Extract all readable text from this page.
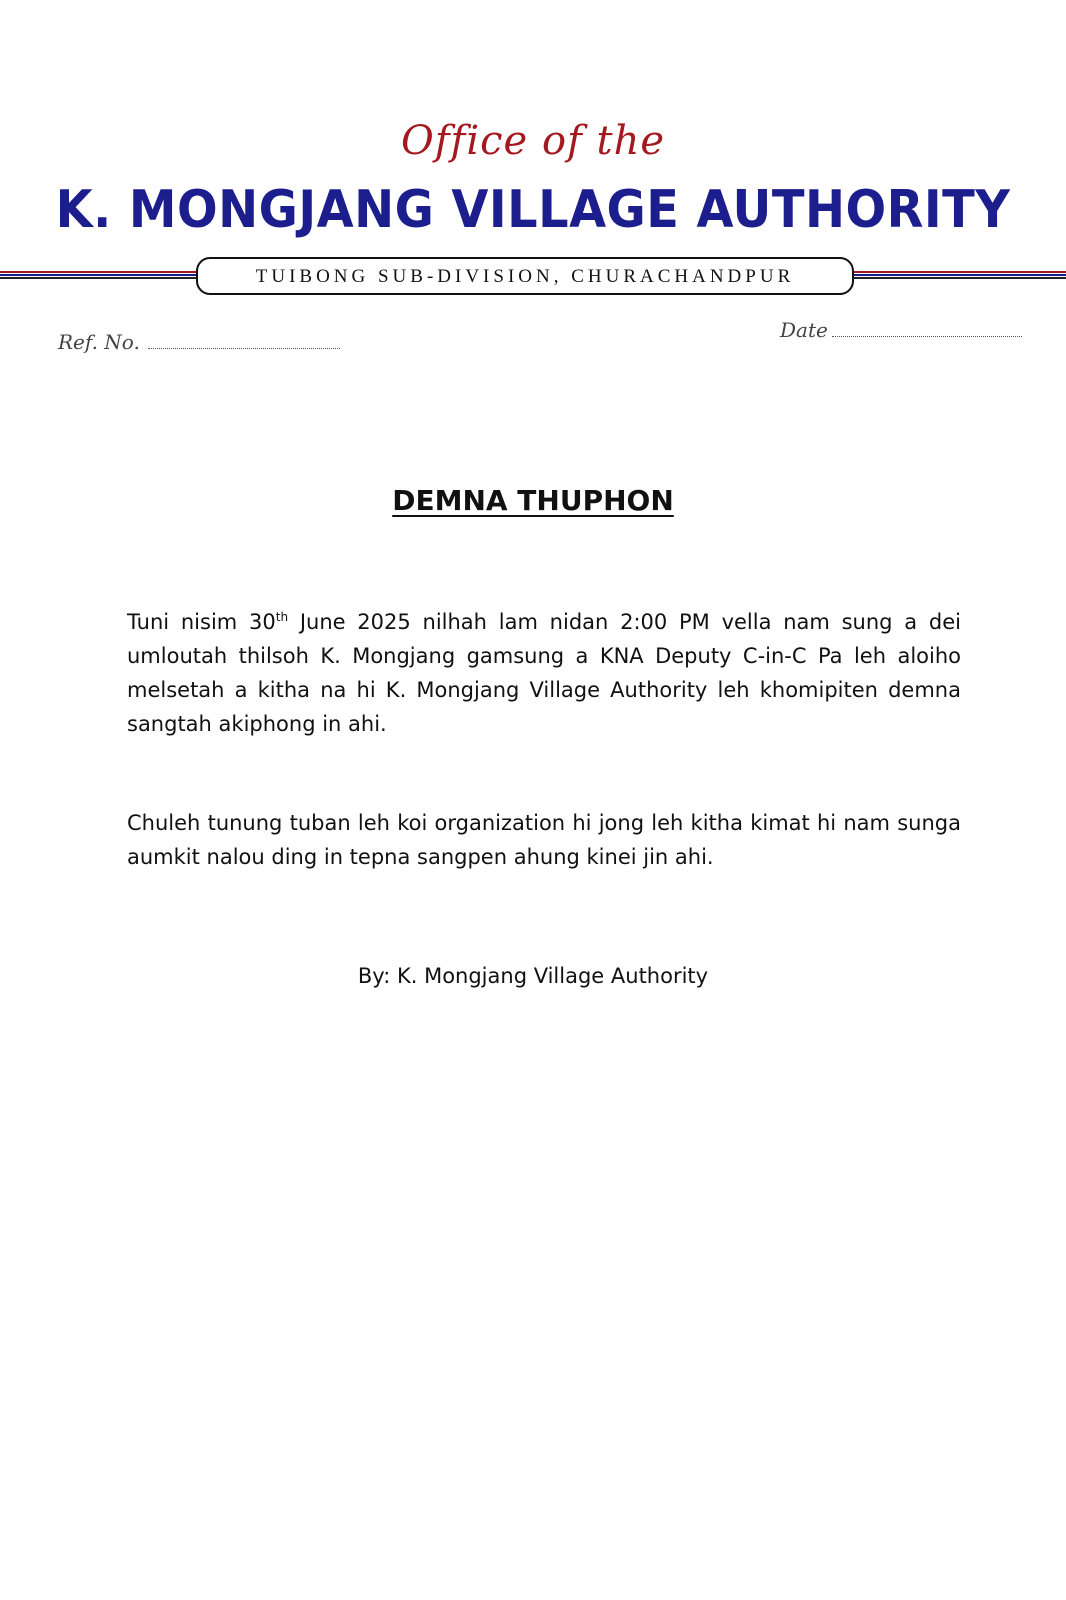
Office of the
K. MONGJANG VILLAGE AUTHORITY
TUIBONG SUB-DIVISION, CHURACHANDPUR
Ref. No.	Date
DEMNA THUPHON

Tuni nisim 30th June 2025 nilhah lam nidan 2:00 PM vella nam sung a dei umloutah thilsoh K. Mongjang gamsung a KNA Deputy C-in-C Pa leh aloiho melsetah a kitha na hi K. Mongjang Village Authority leh khomipiten demna sangtah akiphong in ahi.

Chuleh tunung tuban leh koi organization hi jong leh kitha kimat hi nam sunga aumkit nalou ding in tepna sangpen ahung kinei jin ahi.

By: K. Mongjang Village Authority
